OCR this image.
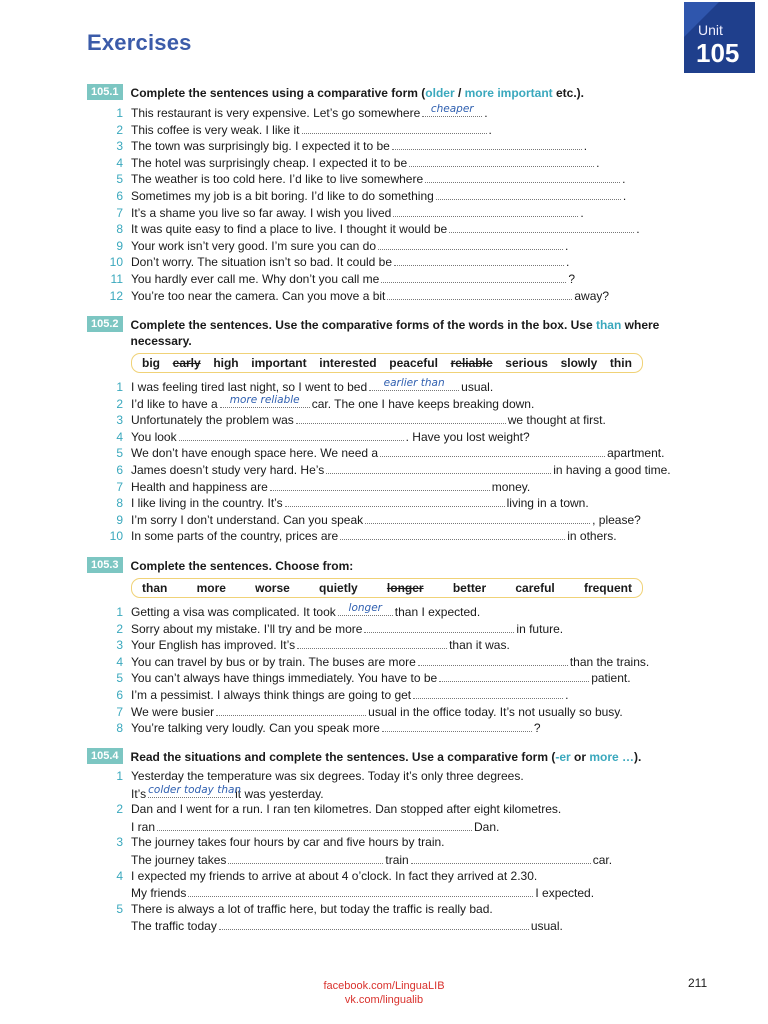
Exercises	Unit
105
105.1	Complete the sentences using a comparative form (older / more important etc.).
1 This restaurant is very expensive. Let’s go somewhere	cheaper .
2 This coffee is very weak. I like it	.
3 The town was surprisingly big. I expected it to be	.
4 The hotel was surprisingly cheap. I expected it to be	.
5 The weather is too cold here. I’d like to live somewhere	.
6 Sometimes my job is a bit boring. I’d like to do something	.
7 It’s a shame you live so far away. I wish you lived	.
8 It was quite easy to find a place to live. I thought it would be	.
9 Your work isn’t very good. I’m sure you can do	.
10 Don’t worry. The situation isn’t so bad. It could be	.
11 You hardly ever call me. Why don’t you call me	?
12 You’re too near the camera. Can you move a bit	away?
105.2	Complete the sentences. Use the comparative forms of the words in the box. Use than where
necessary.
big early high important interested peaceful reliable serious slowly thin
1 I was feeling tired last night, so I went to bed	earlier than	usual.
2 I’d like to have a	more reliable	car. The one I have keeps breaking down.
3 Unfortunately the problem was	we thought at first.
4 You look	. Have you lost weight?
5 We don’t have enough space here. We need a	apartment.
6 James doesn’t study very hard. He’s	in having a good time.
7 Health and happiness are	money.
8 I like living in the country. It’s	living in a town.
9 I’m sorry I don’t understand. Can you speak	, please?
10 In some parts of the country, prices are	in others.
105.3	Complete the sentences. Choose from:
than more worse quietly longer better careful frequent
1 Getting a visa was complicated. It took	longer	than I expected.
2 Sorry about my mistake. I’ll try and be more	in future.
3 Your English has improved. It’s	than it was.
4 You can travel by bus or by train. The buses are more	than the trains.
5 You can’t always have things immediately. You have to be	patient.
6 I’m a pessimist. I always think things are going to get	.
7 We were busier	usual in the office today. It’s not usually so busy.
8 You’re talking very loudly. Can you speak more	?
105.4	Read the situations and complete the sentences. Use a comparative form (-er or more …).
1 Yesterday the temperature was six degrees. Today it’s only three degrees.
It’s colder today than
it was yesterday.
2 Dan and I went for a run. I ran ten kilometres. Dan stopped after eight kilometres.
I ran	Dan.
3 The journey takes four hours by car and five hours by train.
The journey takes	train	car.
4 I expected my friends to arrive at about 4 o’clock. In fact they arrived at 2.30.
My friends	I expected.
5 There is always a lot of traffic here, but today the traffic is really bad.
The traffic today	usual.
facebook.com/LinguaLIB
vk.com/lingualib
211
